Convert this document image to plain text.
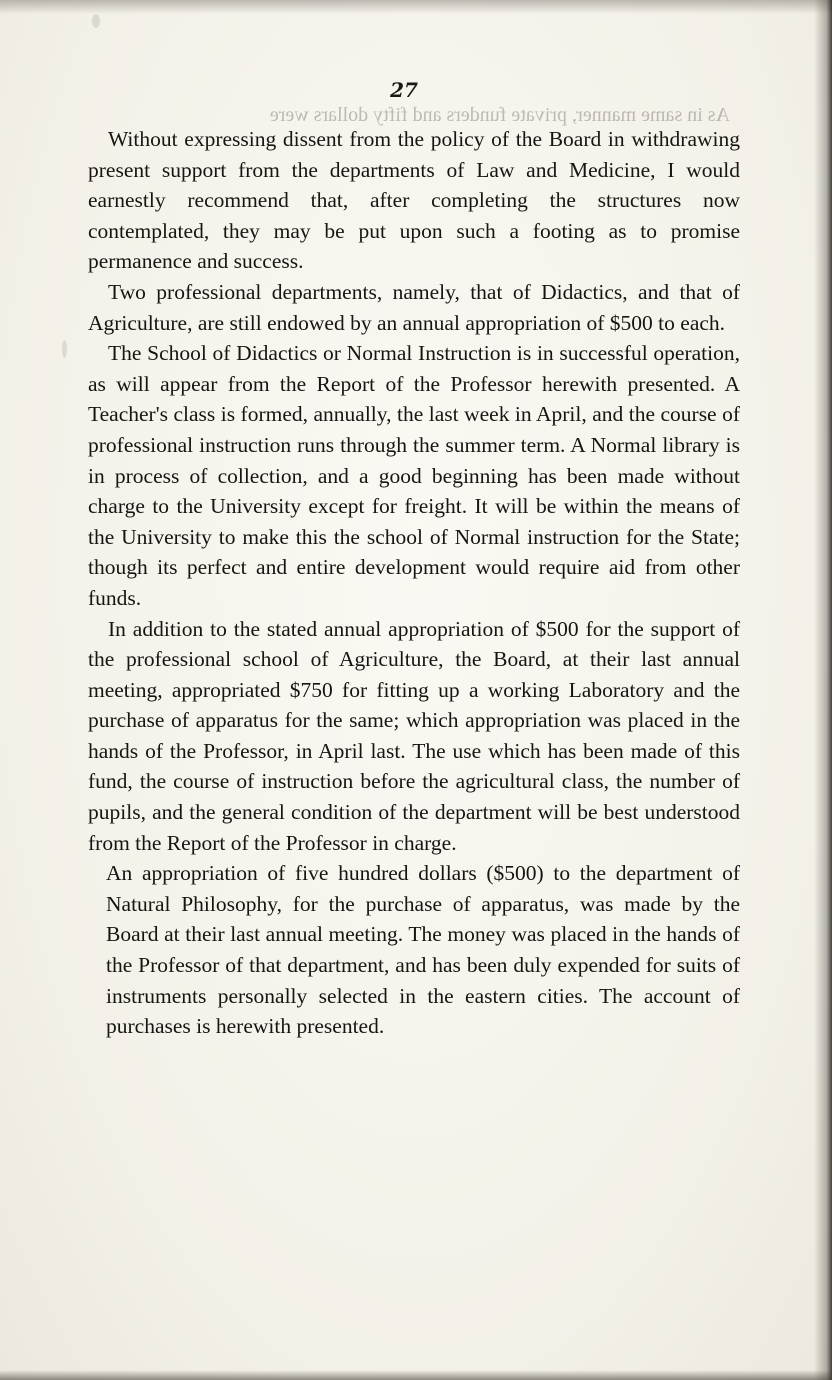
27
As in same manner, private funders and fifty dollars were

Without expressing dissent from the policy of the Board in withdrawing present support from the departments of Law and Medicine, I would earnestly recommend that, after completing the structures now contemplated, they may be put upon such a footing as to promise permanence and success.

Two professional departments, namely, that of Didactics, and that of Agriculture, are still endowed by an annual appropriation of $500 to each.

The School of Didactics or Normal Instruction is in successful operation, as will appear from the Report of the Professor herewith presented. A Teacher's class is formed, annually, the last week in April, and the course of professional instruction runs through the summer term. A Normal library is in process of collection, and a good beginning has been made without charge to the University except for freight. It will be within the means of the University to make this the school of Normal instruction for the State; though its perfect and entire development would require aid from other funds.

In addition to the stated annual appropriation of $500 for the support of the professional school of Agriculture, the Board, at their last annual meeting, appropriated $750 for fitting up a working Laboratory and the purchase of apparatus for the same; which appropriation was placed in the hands of the Professor, in April last. The use which has been made of this fund, the course of instruction before the agricultural class, the number of pupils, and the general condition of the department will be best understood from the Report of the Professor in charge.

An appropriation of five hundred dollars ($500) to the department of Natural Philosophy, for the purchase of apparatus, was made by the Board at their last annual meeting. The money was placed in the hands of the Professor of that department, and has been duly expended for suits of instruments personally selected in the eastern cities. The account of purchases is herewith presented.
